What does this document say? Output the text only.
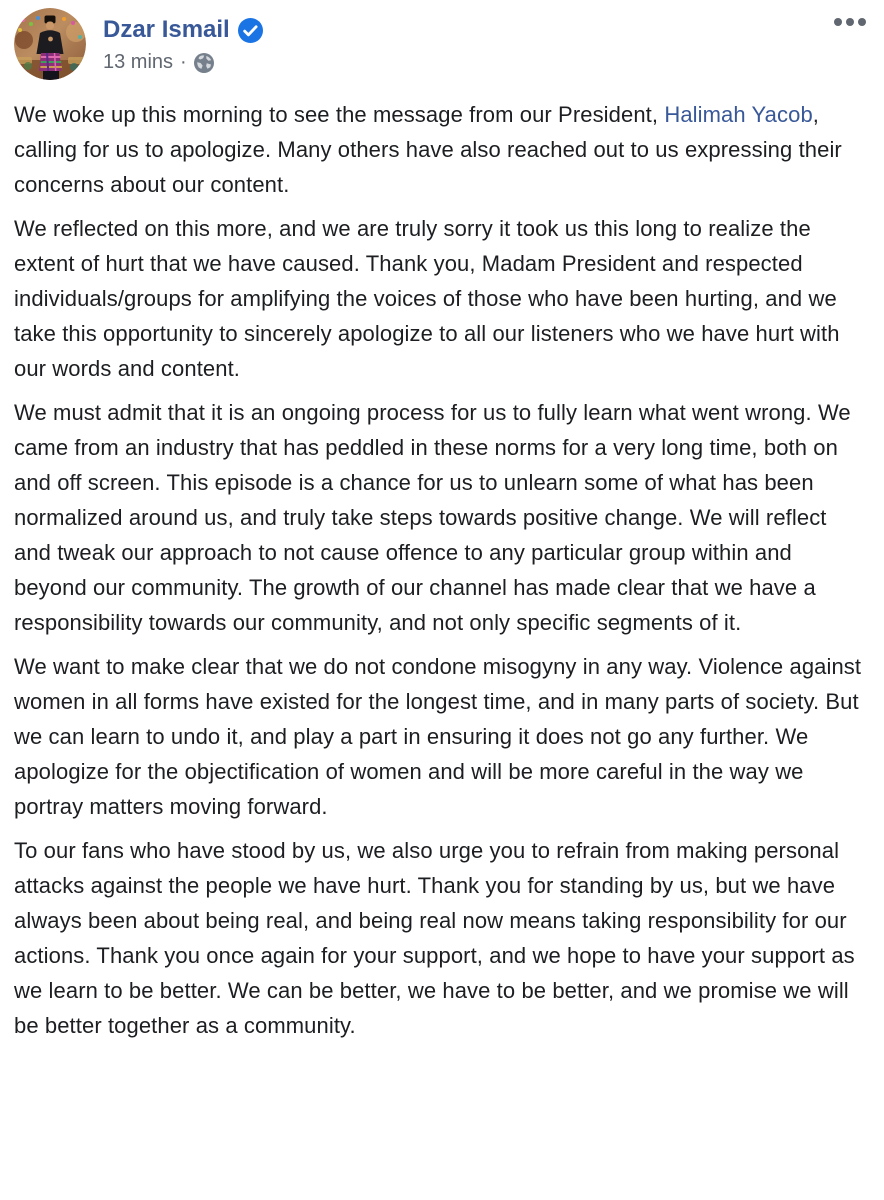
Dzar Ismail
13 mins ·

We woke up this morning to see the message from our President, Halimah Yacob, calling for us to apologize. Many others have also reached out to us expressing their concerns about our content.

We reflected on this more, and we are truly sorry it took us this long to realize the extent of hurt that we have caused. Thank you, Madam President and respected individuals/groups for amplifying the voices of those who have been hurting, and we take this opportunity to sincerely apologize to all our listeners who we have hurt with our words and content.

We must admit that it is an ongoing process for us to fully learn what went wrong. We came from an industry that has peddled in these norms for a very long time, both on and off screen. This episode is a chance for us to unlearn some of what has been normalized around us, and truly take steps towards positive change. We will reflect and tweak our approach to not cause offence to any particular group within and beyond our community. The growth of our channel has made clear that we have a responsibility towards our community, and not only specific segments of it.

We want to make clear that we do not condone misogyny in any way. Violence against women in all forms have existed for the longest time, and in many parts of society. But we can learn to undo it, and play a part in ensuring it does not go any further. We apologize for the objectification of women and will be more careful in the way we portray matters moving forward.

To our fans who have stood by us, we also urge you to refrain from making personal attacks against the people we have hurt. Thank you for standing by us, but we have always been about being real, and being real now means taking responsibility for our actions. Thank you once again for your support, and we hope to have your support as we learn to be better. We can be better, we have to be better, and we promise we will be better together as a community.
